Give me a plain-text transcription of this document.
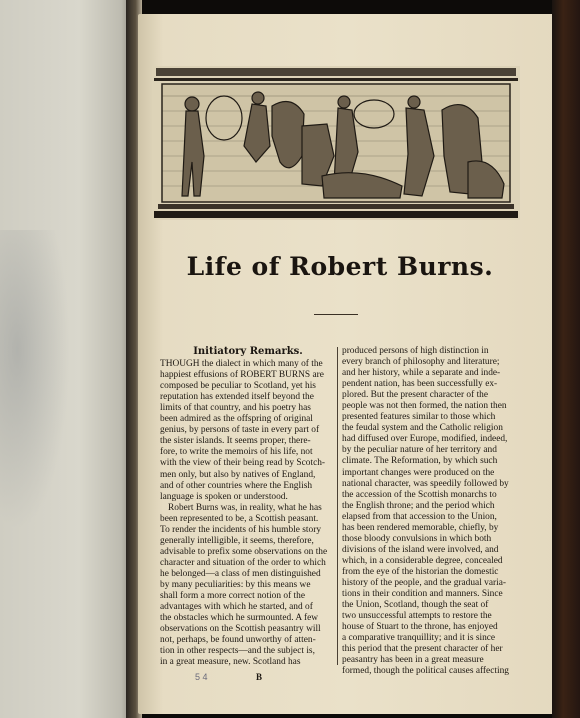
Life of Robert Burns.
Initiatory Remarks.
THOUGH the dialect in which many of the
happiest effusions of ROBERT BURNS are
composed be peculiar to Scotland, yet his
reputation has extended itself beyond the
limits of that country, and his poetry has
been admired as the offspring of original
genius, by persons of taste in every part of
the sister islands. It seems proper, there-
fore, to write the memoirs of his life, not
with the view of their being read by Scotch-
men only, but also by natives of England,
and of other countries where the English
language is spoken or understood.
Robert Burns was, in reality, what he has
been represented to be, a Scottish peasant.
To render the incidents of his humble story
generally intelligible, it seems, therefore,
advisable to prefix some observations on the
character and situation of the order to which
he belonged—a class of men distinguished
by many peculiarities: by this means we
shall form a more correct notion of the
advantages with which he started, and of
the obstacles which he surmounted. A few
observations on the Scottish peasantry will
not, perhaps, be found unworthy of atten-
tion in other respects—and the subject is,
in a great measure, new. Scotland has
produced persons of high distinction in
every branch of philosophy and literature;
and her history, while a separate and inde-
pendent nation, has been successfully ex-
plored. But the present character of the
people was not then formed, the nation then
presented features similar to those which
the feudal system and the Catholic religion
had diffused over Europe, modified, indeed,
by the peculiar nature of her territory and
climate. The Reformation, by which such
important changes were produced on the
national character, was speedily followed by
the accession of the Scottish monarchs to
the English throne; and the period which
elapsed from that accession to the Union,
has been rendered memorable, chiefly, by
those bloody convulsions in which both
divisions of the island were involved, and
which, in a considerable degree, concealed
from the eye of the historian the domestic
history of the people, and the gradual varia-
tions in their condition and manners. Since
the Union, Scotland, though the seat of
two unsuccessful attempts to restore the
house of Stuart to the throne, has enjoyed
a comparative tranquillity; and it is since
this period that the present character of her
peasantry has been in a great measure
formed, though the political causes affecting
5 4	B
